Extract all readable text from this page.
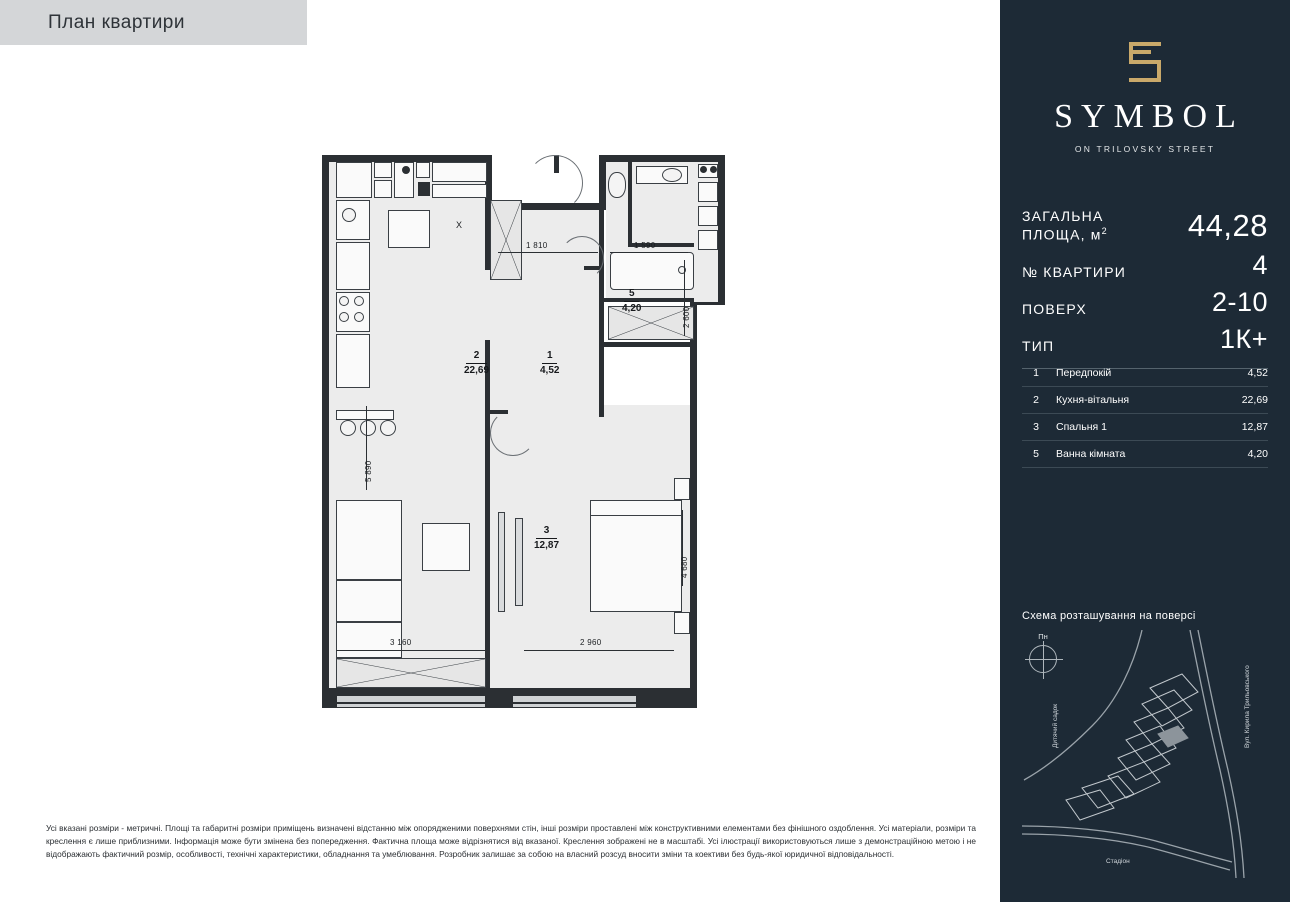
План квартири
X
2
22,69
1
4,52
5
4,20
3
12,87
1 810	1 590
2 600
5 890
3 160	2 960
4 680
Усі вказані розміри - метричні. Площі та габаритні розміри приміщень визначені відстанню між опорядженими поверхнями стін, інші розміри проставлені між конструктивними елементами без фінішного оздоблення. Усі матеріали, розміри та креслення є лише приблизними. Інформація може бути змінена без попередження. Фактична площа може відрізнятися від вказаної. Креслення зображені не в масштабі. Усі ілюстрації використовуються лише з демонстраційною метою і не відображають фактичний розмір, особливості, технічні характеристики, обладнання та умеблювання. Розробник залишає за собою на власний розсуд вносити зміни та коективи без будь-якої юридичної відповідальності.
SYMBOL
ON TRILOVSKY STREET
ЗАГАЛЬНА
ПЛОЩА, $м^2$	44,28
№ КВАРТИРИ	4
ПОВЕРХ	2-10
ТИП	1К+
1	Передпокій	4,52
2	Кухня-вітальня	22,69
3	Спальня 1	12,87
5	Ванна кімната	4,20
Схема розташування на поверсі
Пн
Дитячий садок	Вул. Кирила Трильовського
Стадіон
